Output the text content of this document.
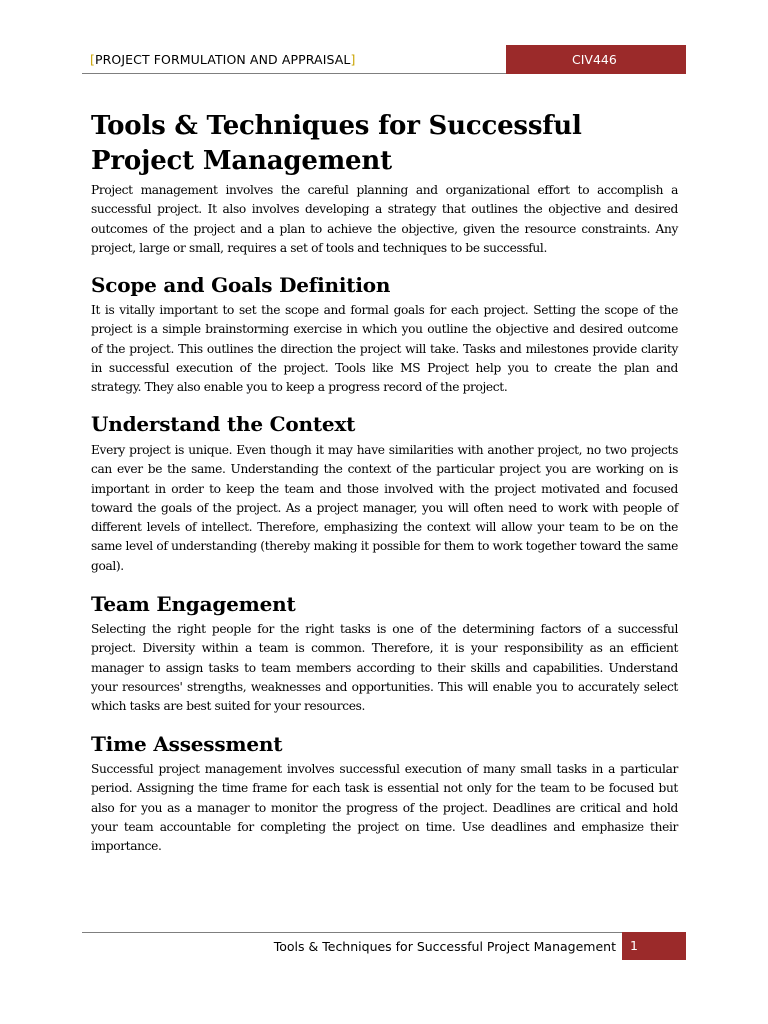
[PROJECT FORMULATION AND APPRAISAL]	CIV446
Tools & Techniques for Successful Project Management

Project management involves the careful planning and organizational effort to accomplish a successful project. It also involves developing a strategy that outlines the objective and desired outcomes of the project and a plan to achieve the objective, given the resource constraints. Any project, large or small, requires a set of tools and techniques to be successful.

Scope and Goals Definition

It is vitally important to set the scope and formal goals for each project. Setting the scope of the project is a simple brainstorming exercise in which you outline the objective and desired outcome of the project. This outlines the direction the project will take. Tasks and milestones provide clarity in successful execution of the project. Tools like MS Project help you to create the plan and strategy. They also enable you to keep a progress record of the project.

Understand the Context

Every project is unique. Even though it may have similarities with another project, no two projects can ever be the same. Understanding the context of the particular project you are working on is important in order to keep the team and those involved with the project motivated and focused toward the goals of the project. As a project manager, you will often need to work with people of different levels of intellect. Therefore, emphasizing the context will allow your team to be on the same level of understanding (thereby making it possible for them to work together toward the same goal).

Team Engagement

Selecting the right people for the right tasks is one of the determining factors of a successful project. Diversity within a team is common. Therefore, it is your responsibility as an efficient manager to assign tasks to team members according to their skills and capabilities. Understand your resources' strengths, weaknesses and opportunities. This will enable you to accurately select which tasks are best suited for your resources.

Time Assessment

Successful project management involves successful execution of many small tasks in a particular period. Assigning the time frame for each task is essential not only for the team to be focused but also for you as a manager to monitor the progress of the project. Deadlines are critical and hold your team accountable for completing the project on time. Use deadlines and emphasize their importance.

Tools & Techniques for Successful Project Management	1
